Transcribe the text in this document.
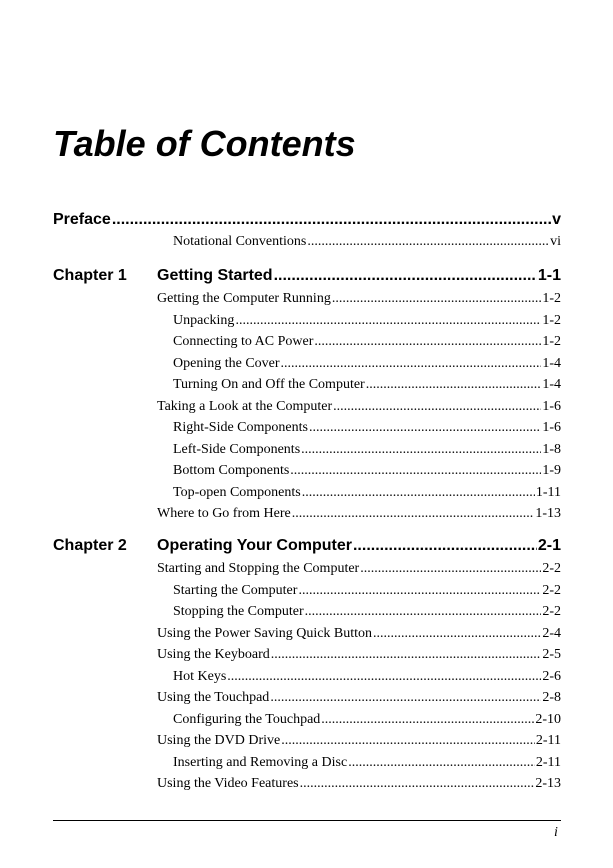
Table of Contents
Preface .....	v
Notational Conventions .....	vi
Chapter 1 Getting Started .....	1-1
Getting the Computer Running .....	1-2
Unpacking .....	1-2
Connecting to AC Power .....	1-2
Opening the Cover .....	1-4
Turning On and Off the Computer .....	1-4
Taking a Look at the Computer .....	1-6
Right-Side Components .....	1-6
Left-Side Components .....	1-8
Bottom Components .....	1-9
Top-open Components .....	1-11
Where to Go from Here .....	1-13
Chapter 2 Operating Your Computer .....	2-1
Starting and Stopping the Computer .....	2-2
Starting the Computer .....	2-2
Stopping the Computer .....	2-2
Using the Power Saving Quick Button .....	2-4
Using the Keyboard .....	2-5
Hot Keys .....	2-6
Using the Touchpad .....	2-8
Configuring the Touchpad .....	2-10
Using the DVD Drive .....	2-11
Inserting and Removing a Disc .....	2-11
Using the Video Features .....	2-13
i
